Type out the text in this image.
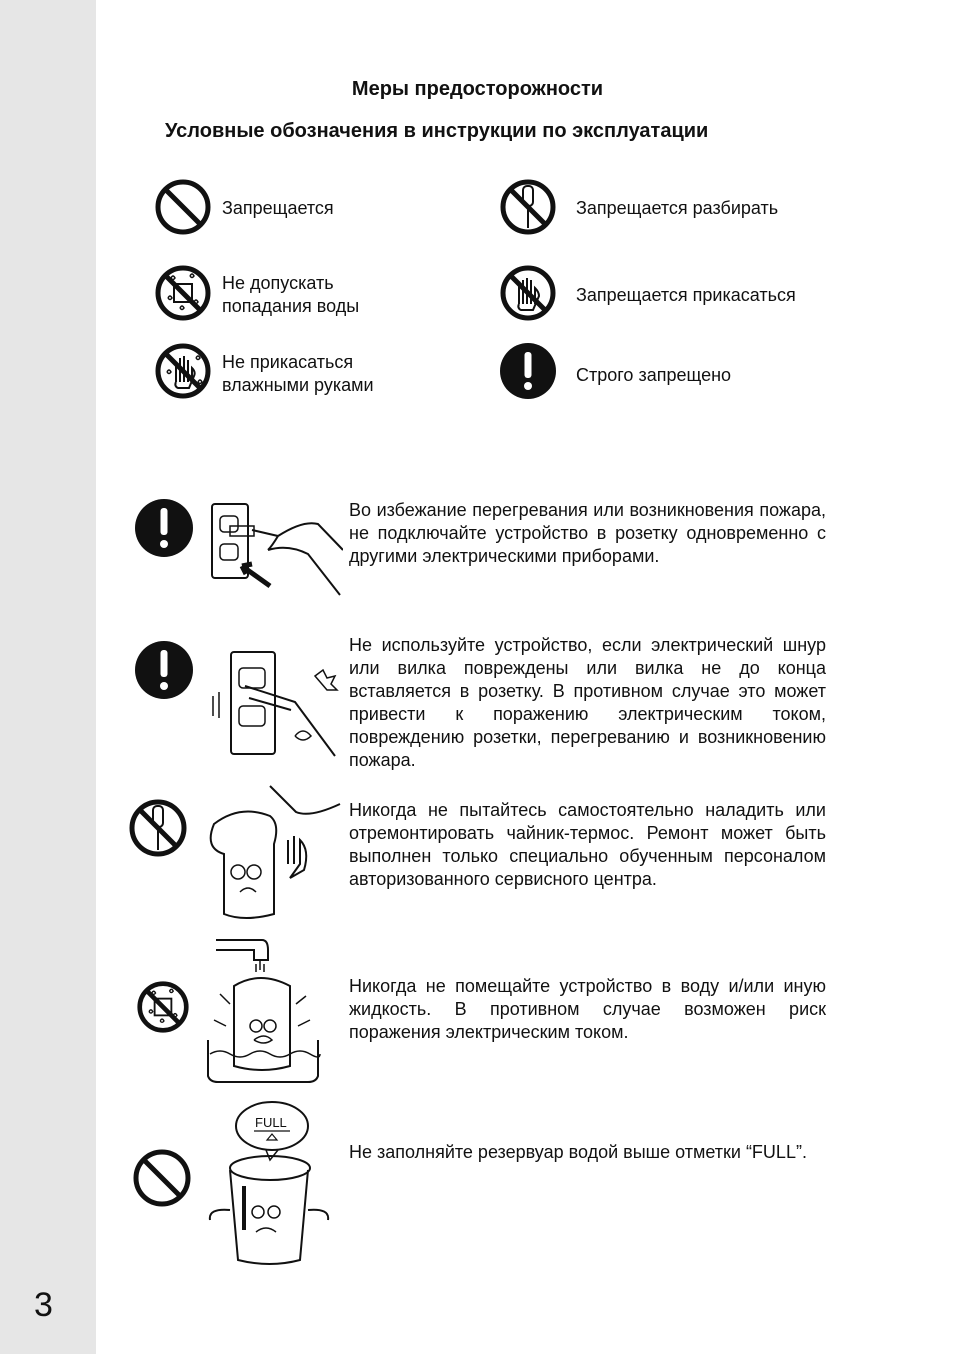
3
Меры предосторожности
Условные обозначения в инструкции по эксплуатации
Запрещается	Запрещается разбирать
Не допускать
попадания воды
Запрещается прикасаться
Не прикасаться
влажными руками	Строго запрещено
Во избежание перегревания или возникновения пожара, не подключайте устройство в розетку одновременно с другими электрическими приборами.
Не используйте устройство, если электрический шнур или вилка повреждены или вилка не до конца вставляется в розетку. В противном случае это может привести к поражению электрическим током, повреждению розетки, перегреванию и возникновению пожара.
Никогда не пытайтесь самостоятельно наладить или отремонтировать чайник-термос. Ремонт может быть выполнен только специально обученным персоналом авторизованного сервисного центра.
Никогда не помещайте устройство в воду и/или иную жидкость. В противном случае возможен риск поражения электрическим током.
FULL
Не заполняйте резервуар водой выше отметки “FULL”.
